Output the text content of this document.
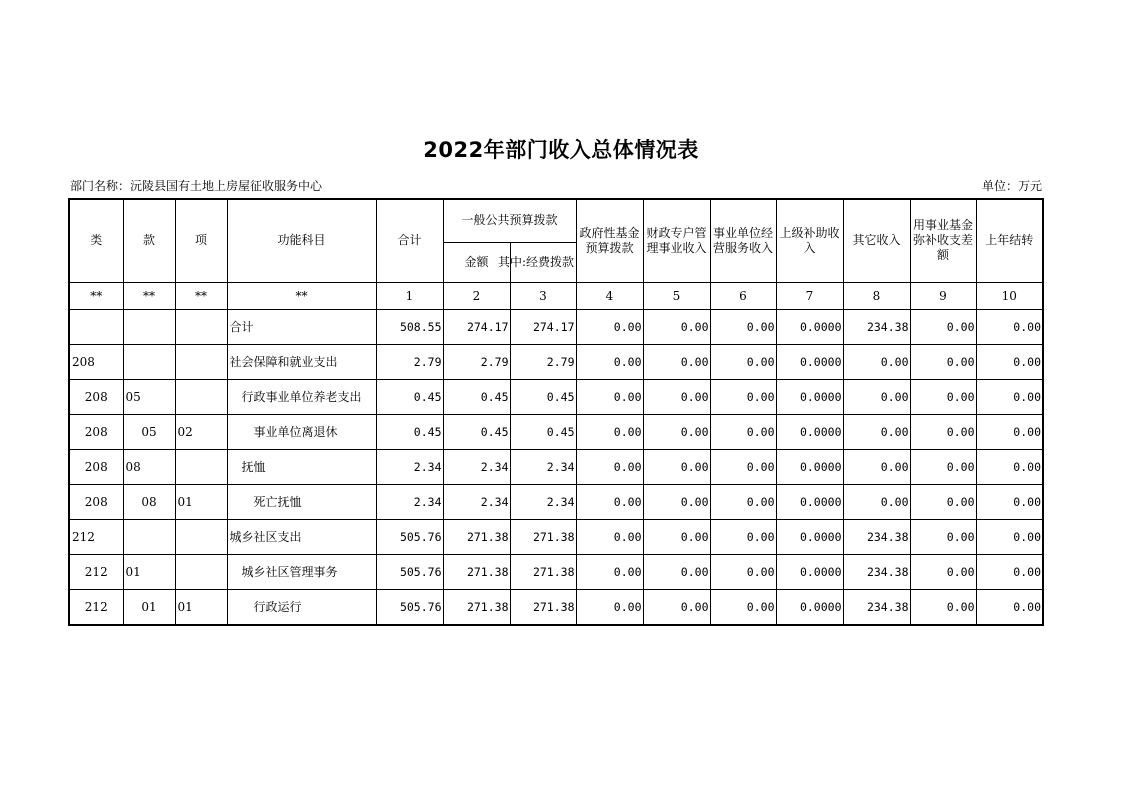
2022年部门收入总体情况表
部门名称：沅陵县国有土地上房屋征收服务中心	单位：万元
类	款	项	功能科目	合计	一般公共预算拨款		政府性基金预算拨款	财政专户管理事业收入	事业单位经营服务收入	上级补助收入	其它收入	用事业基金弥补收支差额	上年结转
					金额	其中:经费拨款							
**	**	**	**	1	2	3	4	5	6	7	8	9	10
			合计	508.55	274.17	274.17	0.00	0.00	0.00	0.0000	234.38	0.00	0.00
208			社会保障和就业支出	2.79	2.79	2.79	0.00	0.00	0.00	0.0000	0.00	0.00	0.00
208	05		行政事业单位养老支出	0.45	0.45	0.45	0.00	0.00	0.00	0.0000	0.00	0.00	0.00
208	05	02	事业单位离退休	0.45	0.45	0.45	0.00	0.00	0.00	0.0000	0.00	0.00	0.00
208	08		抚恤	2.34	2.34	2.34	0.00	0.00	0.00	0.0000	0.00	0.00	0.00
208	08	01	死亡抚恤	2.34	2.34	2.34	0.00	0.00	0.00	0.0000	0.00	0.00	0.00
212			城乡社区支出	505.76	271.38	271.38	0.00	0.00	0.00	0.0000	234.38	0.00	0.00
212	01		城乡社区管理事务	505.76	271.38	271.38	0.00	0.00	0.00	0.0000	234.38	0.00	0.00
212	01	01	行政运行	505.76	271.38	271.38	0.00	0.00	0.00	0.0000	234.38	0.00	0.00
